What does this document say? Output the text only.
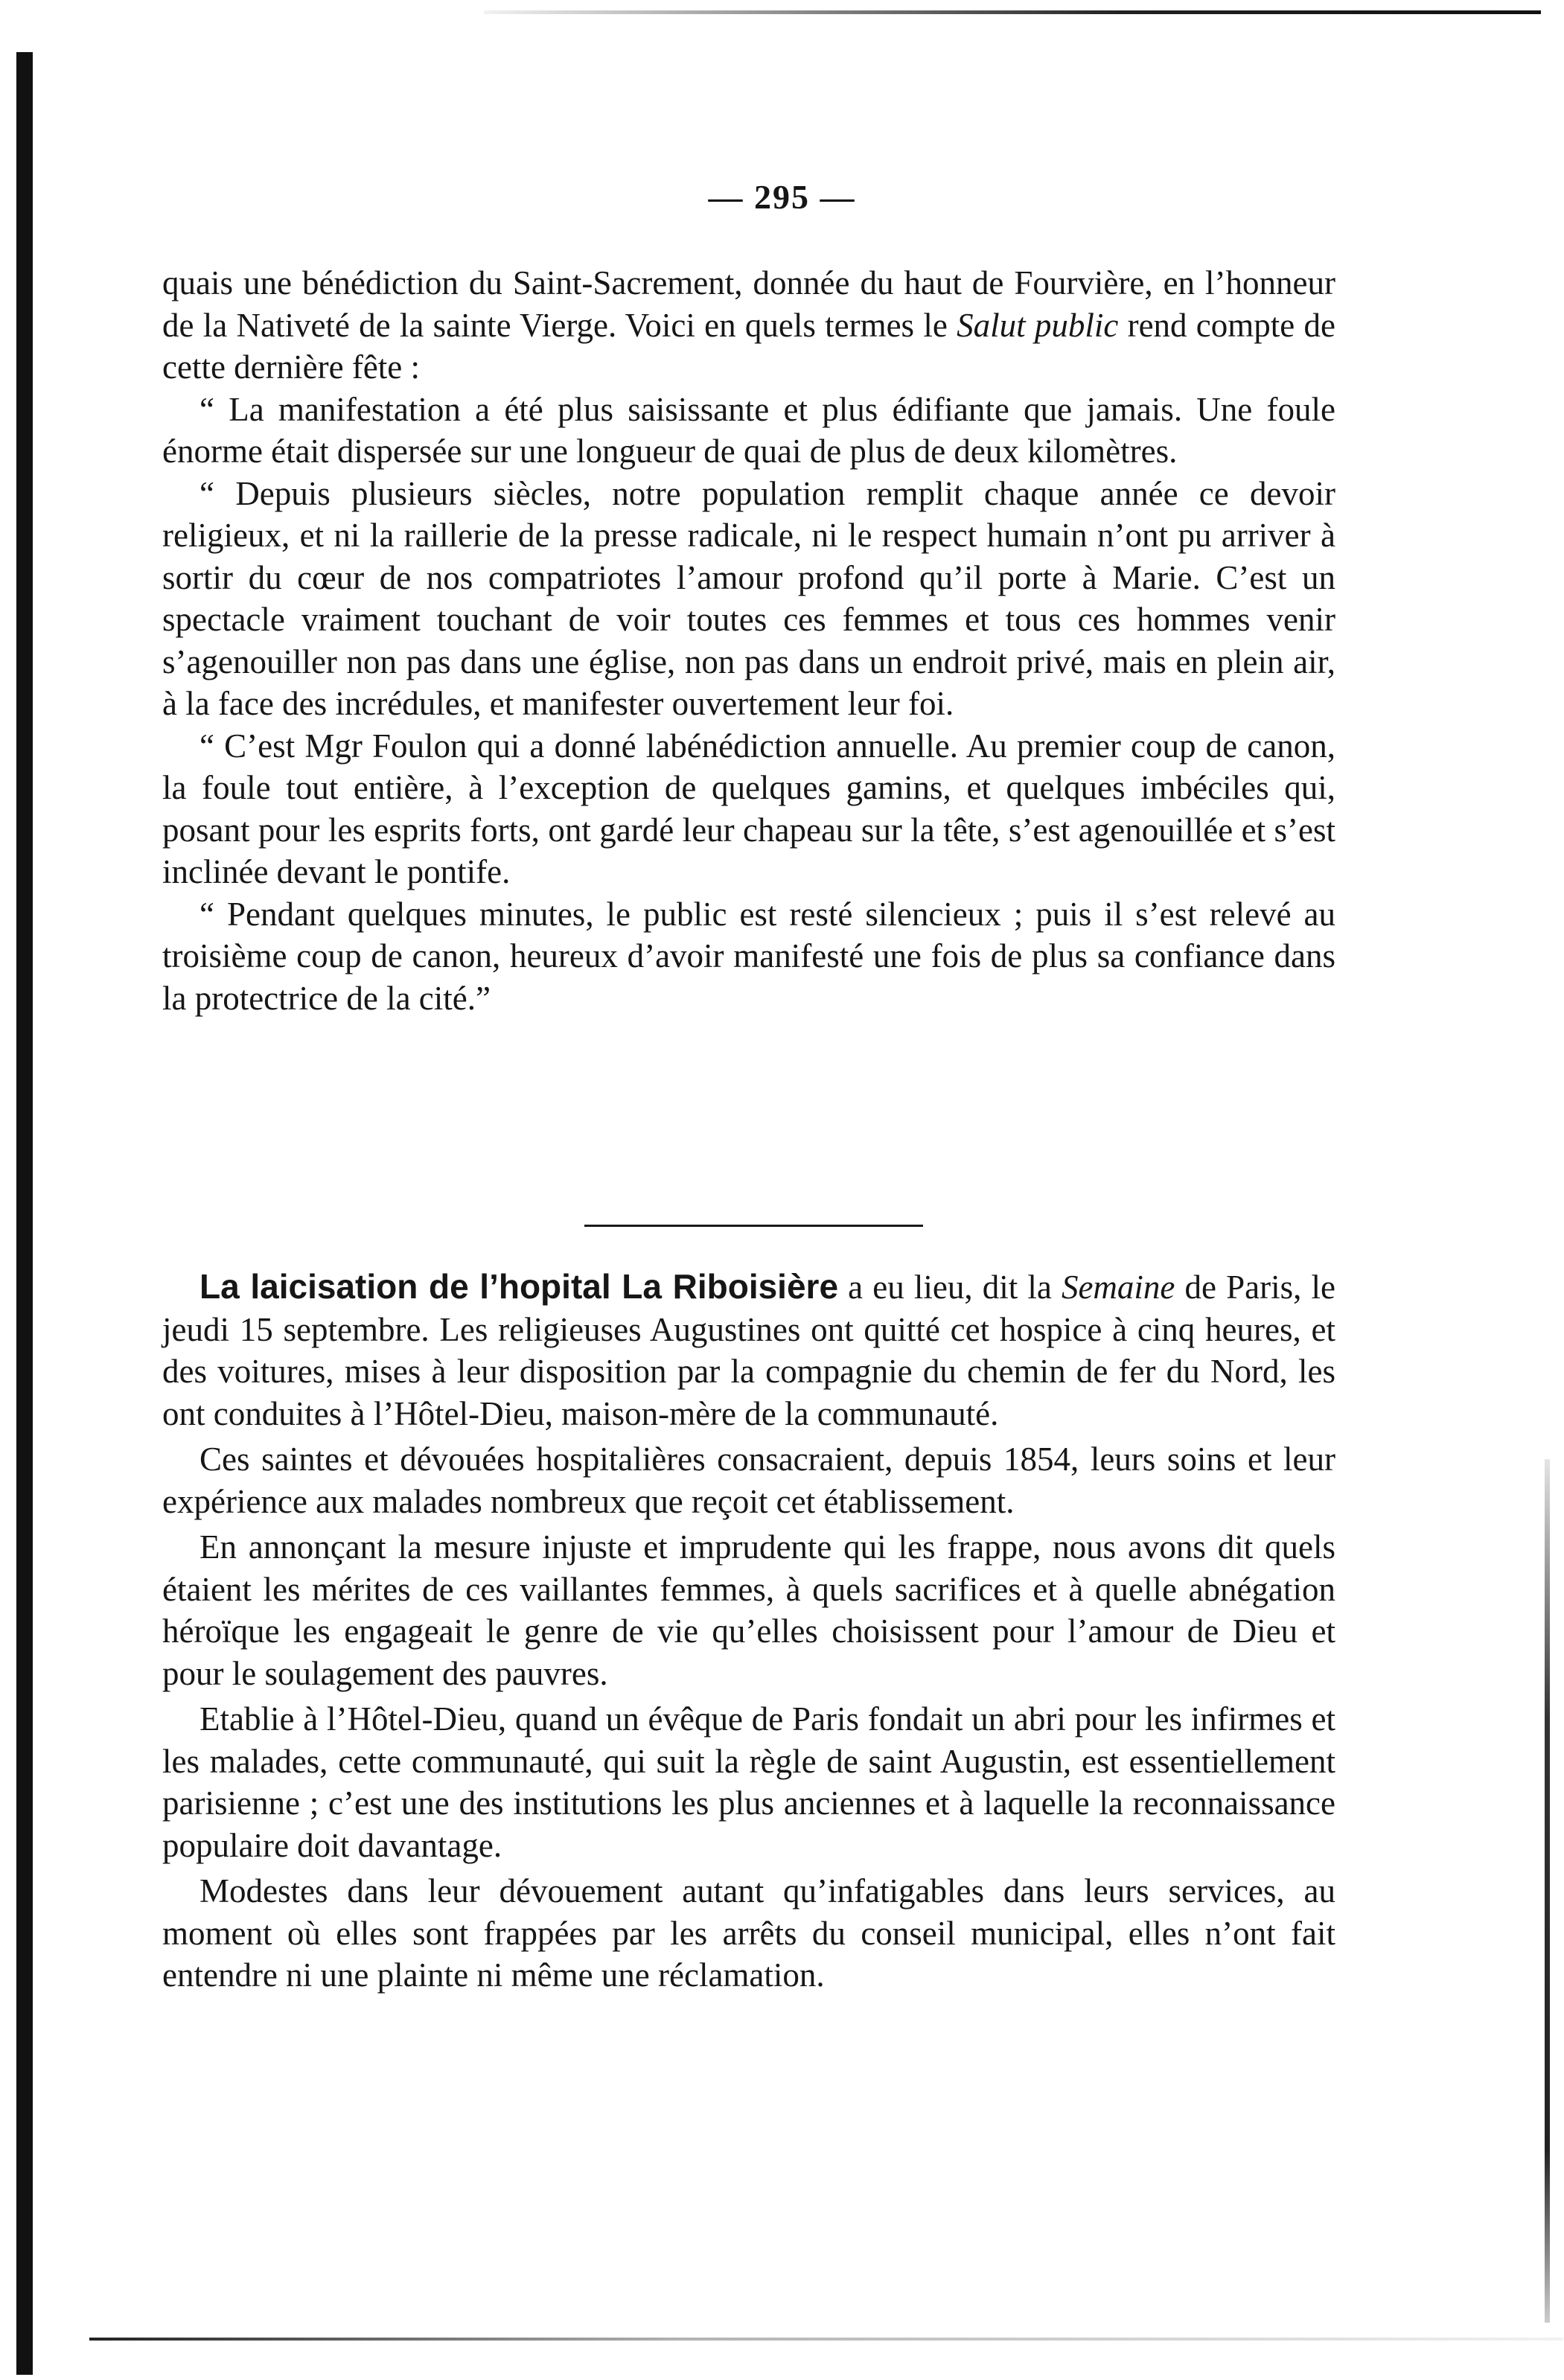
— 295 —

quais une bénédiction du Saint-Sacrement, donnée du haut de Fourvière, en l’honneur de la Nativeté de la sainte Vierge. Voici en quels termes le Salut public rend compte de cette dernière fête :

“ La manifestation a été plus saisissante et plus édifiante que jamais. Une foule énorme était dispersée sur une longueur de quai de plus de deux kilomètres.

“ Depuis plusieurs siècles, notre population remplit chaque année ce devoir religieux, et ni la raillerie de la presse radicale, ni le respect humain n’ont pu arriver à sortir du cœur de nos compatriotes l’amour profond qu’il porte à Marie. C’est un spectacle vraiment touchant de voir toutes ces femmes et tous ces hommes venir s’agenouiller non pas dans une église, non pas dans un endroit privé, mais en plein air, à la face des incrédules, et manifester ouvertement leur foi.

“ C’est Mgr Foulon qui a donné labénédiction annuelle. Au premier coup de canon, la foule tout entière, à l’exception de quelques gamins, et quelques imbéciles qui, posant pour les esprits forts, ont gardé leur chapeau sur la tête, s’est agenouillée et s’est inclinée devant le pontife.

“ Pendant quelques minutes, le public est resté silencieux ; puis il s’est relevé au troisième coup de canon, heureux d’avoir manifesté une fois de plus sa confiance dans la protectrice de la cité.”

La laicisation de l’hopital La Riboisière a eu lieu, dit la Semaine de Paris, le jeudi 15 septembre. Les religieuses Augustines ont quitté cet hospice à cinq heures, et des voitures, mises à leur disposition par la compagnie du chemin de fer du Nord, les ont conduites à l’Hôtel-Dieu, maison-mère de la communauté.

Ces saintes et dévouées hospitalières consacraient, depuis 1854, leurs soins et leur expérience aux malades nombreux que reçoit cet établissement.

En annonçant la mesure injuste et imprudente qui les frappe, nous avons dit quels étaient les mérites de ces vaillantes femmes, à quels sacrifices et à quelle abnégation héroïque les engageait le genre de vie qu’elles choisissent pour l’amour de Dieu et pour le soulagement des pauvres.

Etablie à l’Hôtel-Dieu, quand un évêque de Paris fondait un abri pour les infirmes et les malades, cette communauté, qui suit la règle de saint Augustin, est essentiellement parisienne ; c’est une des institutions les plus anciennes et à laquelle la reconnaissance populaire doit davantage.

Modestes dans leur dévouement autant qu’infatigables dans leurs services, au moment où elles sont frappées par les arrêts du conseil municipal, elles n’ont fait entendre ni une plainte ni même une réclamation.
